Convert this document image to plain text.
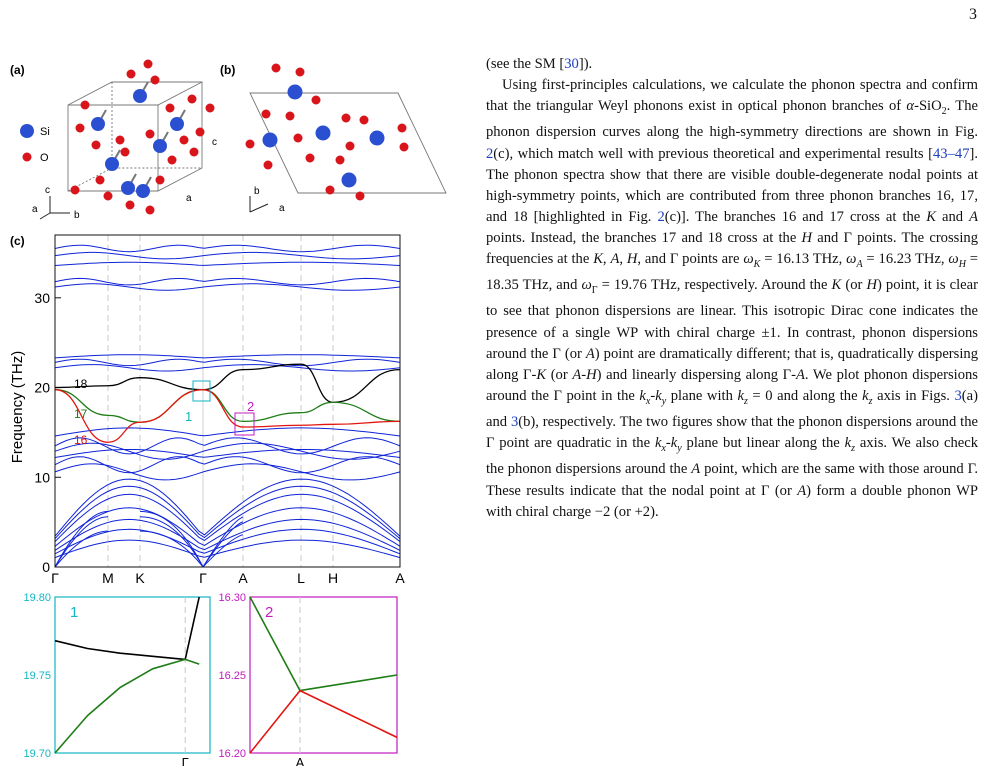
3
(a)
Si
O
c
a
b
c
a
(b)
b
a
(c)
Frequency (THz)
0
10
20
30
Γ	M K	Γ A	L H	A
18
17
16
1
2
1
19.80
19.75
19.70
Γ
2
16.30
16.25
16.20
A

(see the SM [30]).

Using first-principles calculations, we calculate the phonon spectra and confirm that the triangular Weyl phonons exist in optical phonon branches of α-SiO$_2$. The phonon dispersion curves along the high-symmetry directions are shown in Fig. 2(c), which match well with previous theoretical and experimental results [43–47]. The phonon spectra show that there are visible double-degenerate nodal points at high-symmetry points, which are contributed from three phonon branches 16, 17, and 18 [highlighted in Fig. 2(c)]. The branches 16 and 17 cross at the K and A points. Instead, the branches 17 and 18 cross at the H and Γ points. The crossing frequencies at the K, A, H, and Γ points are $\omega_K = 16.13$ THz, $\omega_A = 16.23$ THz, $\omega_H = 18.35$ THz, and $\omega_\Gamma = 19.76$ THz, respectively. Around the K (or H) point, it is clear to see that phonon dispersions are linear. This isotropic Dirac cone indicates the presence of a single WP with chiral charge ±1. In contrast, phonon dispersions around the Γ (or A) point are dramatically different; that is, quadratically dispersing along Γ-K (or A-H) and linearly dispersing along Γ-A. We plot phonon dispersions around the Γ point in the $k_x-k_y$ plane with $k_z = 0$ and along the $k_z$ axis in Figs. 3(a) and 3(b), respectively. The two figures show that the phonon dispersions around the Γ point are quadratic in the $k_x-k_y$ plane but linear along the $k_z$ axis. We also check the phonon dispersions around the A point, which are the same with those around Γ. These results indicate that the nodal point at Γ (or A) form a double phonon WP with chiral charge −2 (or +2).
